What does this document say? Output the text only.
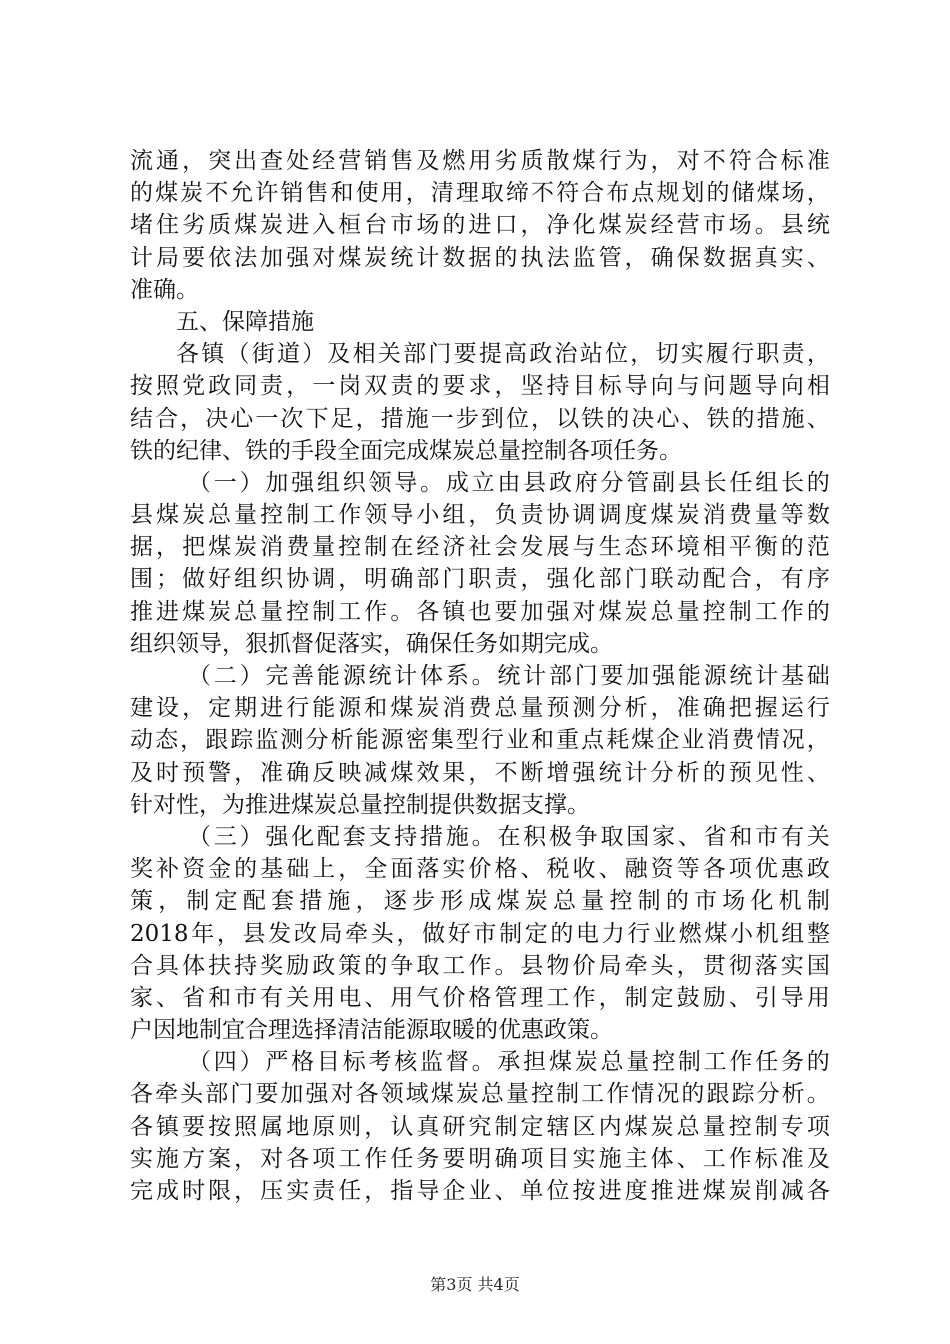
流 通 ， 突 出 查 处 经 营 销 售 及 燃 用 劣 质 散 煤 行 为 ， 对 不 符 合 标 准
的 煤 炭 不 允 许 销 售 和 使 用 ， 清 理 取 缔 不 符 合 布 点 规 划 的 储 煤 场 ，
堵 住 劣 质 煤 炭 进 入 桓 台 市 场 的 进 口 ， 净 化 煤 炭 经 营 市 场 。 县 统
计 局 要 依 法 加 强 对 煤 炭 统 计 数 据 的 执 法 监 管 ， 确 保 数 据 真 实 、
准确。
五、保障措施
各 镇 （ 街 道 ） 及 相 关 部 门 要 提 高 政 治 站 位 ， 切 实 履 行 职 责 ，
按 照 党 政 同 责 ， 一 岗 双 责 的 要 求 ， 坚 持 目 标 导 向 与 问 题 导 向 相
结 合 ， 决 心 一 次 下 足 ， 措 施 一 步 到 位 ， 以 铁 的 决 心 、 铁 的 措 施 、
铁的纪律、铁的手段全面完成煤炭总量控制各项任务。
（ 一 ） 加 强 组 织 领 导 。 成 立 由 县 政 府 分 管 副 县 长 任 组 长 的
县 煤 炭 总 量 控 制 工 作 领 导 小 组 ， 负 责 协 调 调 度 煤 炭 消 费 量 等 数
据 ， 把 煤 炭 消 费 量 控 制 在 经 济 社 会 发 展 与 生 态 环 境 相 平 衡 的 范
围 ； 做 好 组 织 协 调 ， 明 确 部 门 职 责 ， 强 化 部 门 联 动 配 合 ， 有 序
推 进 煤 炭 总 量 控 制 工 作 。 各 镇 也 要 加 强 对 煤 炭 总 量 控 制 工 作 的
组织领导，狠抓督促落实，确保任务如期完成。
（ 二 ） 完 善 能 源 统 计 体 系 。 统 计 部 门 要 加 强 能 源 统 计 基 础
建 设 ， 定 期 进 行 能 源 和 煤 炭 消 费 总 量 预 测 分 析 ， 准 确 把 握 运 行
动 态 ， 跟 踪 监 测 分 析 能 源 密 集 型 行 业 和 重 点 耗 煤 企 业 消 费 情 况 ，
及 时 预 警 ， 准 确 反 映 减 煤 效 果 ， 不 断 增 强 统 计 分 析 的 预 见 性 、
针对性，为推进煤炭总量控制提供数据支撑。
（ 三 ） 强 化 配 套 支 持 措 施 。 在 积 极 争 取 国 家 、 省 和 市 有 关
奖 补 资 金 的 基 础 上 ， 全 面 落 实 价 格 、 税 收 、 融 资 等 各 项 优 惠 政
策 ， 制 定 配 套 措 施 ， 逐 步 形 成 煤 炭 总 量 控 制 的 市 场 化 机 制
2018 年 ， 县 发 改 局 牵 头 ， 做 好 市 制 定 的 电 力 行 业 燃 煤 小 机 组 整
合 具 体 扶 持 奖 励 政 策 的 争 取 工 作 。 县 物 价 局 牵 头 ， 贯 彻 落 实 国
家 、 省 和 市 有 关 用 电 、 用 气 价 格 管 理 工 作 ， 制 定 鼓 励 、 引 导 用
户因地制宜合理选择清洁能源取暖的优惠政策。
（ 四 ） 严 格 目 标 考 核 监 督 。 承 担 煤 炭 总 量 控 制 工 作 任 务 的
各 牵 头 部 门 要 加 强 对 各 领 域 煤 炭 总 量 控 制 工 作 情 况 的 跟 踪 分 析 。
各 镇 要 按 照 属 地 原 则 ， 认 真 研 究 制 定 辖 区 内 煤 炭 总 量 控 制 专 项
实 施 方 案 ， 对 各 项 工 作 任 务 要 明 确 项 目 实 施 主 体 、 工 作 标 准 及
完 成 时 限 ， 压 实 责 任 ， 指 导 企 业 、 单 位 按 进 度 推 进 煤 炭 削 减 各
第3页 共4页
